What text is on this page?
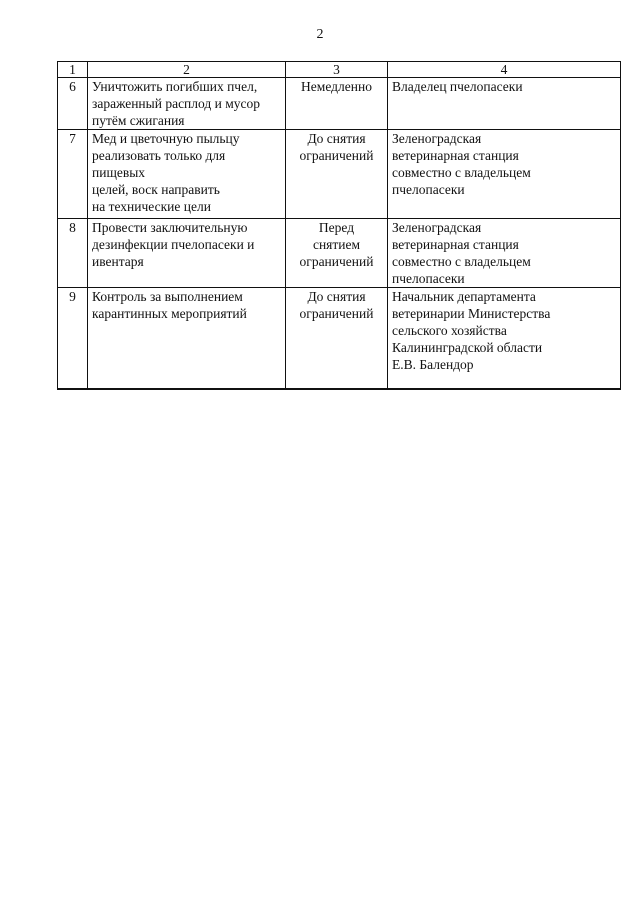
2
1	2	3	4
6	Уничтожить погибших пчел,
зараженный расплод и мусор
путём сжигания	Немедленно	Владелец пчелопасеки

7	Мед и цветочную пыльцу
реализовать только для
пищевых
целей, воск направить
на технические цели	До снятия
ограничений	Зеленоградская
ветеринарная станция
совместно с владельцем
пчелопасеки

8	Провести заключительную
дезинфекции пчелопасеки и
ивентаря	Перед
снятием
ограничений	Зеленоградская
ветеринарная станция
совместно с владельцем
пчелопасеки

9	Контроль за выполнением
карантинных мероприятий	До снятия
ограничений	Начальник департамента
ветеринарии Министерства
сельского хозяйства
Калининградской области
Е.В. Балендор
